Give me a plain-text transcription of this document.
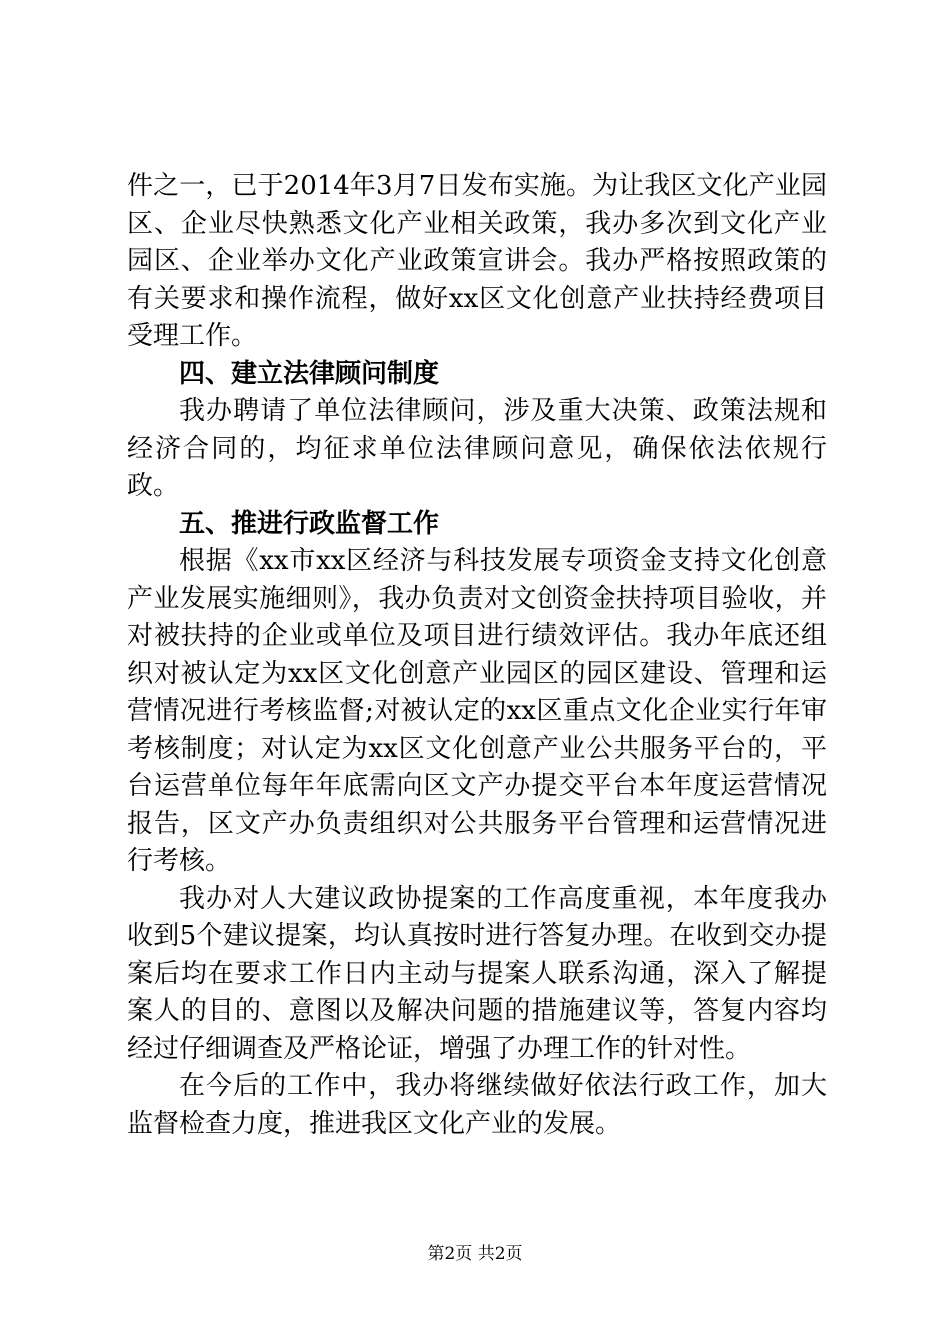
件之一，已于2014年3月7日发布实施。为让我区文化产业园区、企业尽快熟悉文化产业相关政策，我办多次到文化产业园区、企业举办文化产业政策宣讲会。我办严格按照政策的有关要求和操作流程，做好xx区文化创意产业扶持经费项目受理工作。

四、建立法律顾问制度

我办聘请了单位法律顾问，涉及重大决策、政策法规和经济合同的，均征求单位法律顾问意见，确保依法依规行政。

五、推进行政监督工作

根据《xx市xx区经济与科技发展专项资金支持文化创意产业发展实施细则》，我办负责对文创资金扶持项目验收，并对被扶持的企业或单位及项目进行绩效评估。我办年底还组织对被认定为xx区文化创意产业园区的园区建设、管理和运营情况进行考核监督;对被认定的xx区重点文化企业实行年审考核制度；对认定为xx区文化创意产业公共服务平台的，平台运营单位每年年底需向区文产办提交平台本年度运营情况报告，区文产办负责组织对公共服务平台管理和运营情况进行考核。

我办对人大建议政协提案的工作高度重视，本年度我办收到5个建议提案，均认真按时进行答复办理。在收到交办提案后均在要求工作日内主动与提案人联系沟通，深入了解提案人的目的、意图以及解决问题的措施建议等，答复内容均经过仔细调查及严格论证，增强了办理工作的针对性。

在今后的工作中，我办将继续做好依法行政工作，加大监督检查力度，推进我区文化产业的发展。

第2页 共2页
